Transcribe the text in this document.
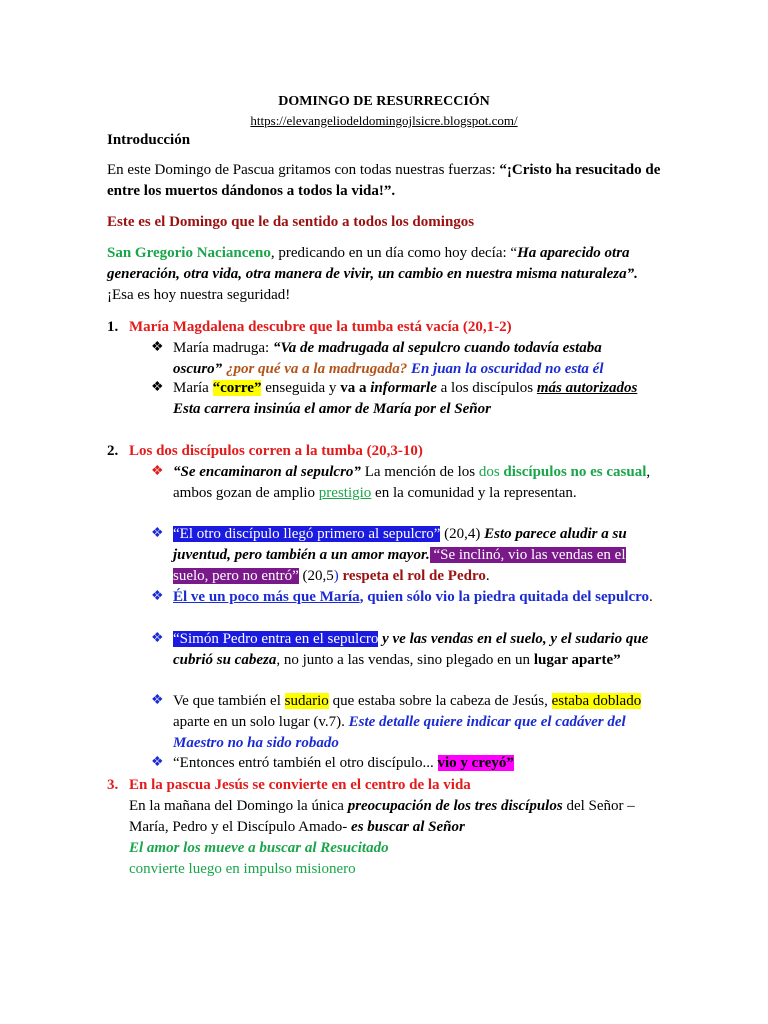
DOMINGO DE RESURRECCIÓN
https://elevangeliodeldomingojlsicre.blogspot.com/
Introducción
En este Domingo de Pascua gritamos con todas nuestras fuerzas: “¡Cristo ha resucitado de entre los muertos dándonos a todos la vida!”.
Este es el Domingo que le da sentido a todos los domingos
San Gregorio Nacianceno, predicando en un día como hoy decía: “Ha aparecido otra generación, otra vida, otra manera de vivir, un cambio en nuestra misma naturaleza”. ¡Esa es hoy nuestra seguridad!
1. María Magdalena descubre que la tumba está vacía (20,1-2)
❖ María madruga: “Va de madrugada al sepulcro cuando todavía estaba oscuro” ¿por qué va a la madrugada? En juan la oscuridad no esta él
❖ María “corre” enseguida y va a informarle a los discípulos más autorizados
Esta carrera insinúa el amor de María por el Señor
2. Los dos discípulos corren a la tumba (20,3-10)
❖ “Se encaminaron al sepulcro” La mención de los dos discípulos no es casual, ambos gozan de amplio prestigio en la comunidad y la representan.
❖ “El otro discípulo llegó primero al sepulcro” (20,4) Esto parece aludir a su juventud, pero también a un amor mayor. “Se inclinó, vio las vendas en el suelo, pero no entró” (20,5) respeta el rol de Pedro.
❖ Él ve un poco más que María, quien sólo vio la piedra quitada del sepulcro.
❖ “Simón Pedro entra en el sepulcro y ve las vendas en el suelo, y el sudario que cubrió su cabeza, no junto a las vendas, sino plegado en un lugar aparte”
❖ Ve que también el sudario que estaba sobre la cabeza de Jesús, estaba doblado aparte en un solo lugar (v.7). Este detalle quiere indicar que el cadáver del Maestro no ha sido robado
❖ “Entonces entró también el otro discípulo... vio y creyó”
3. En la pascua Jesús se convierte en el centro de la vida
En la mañana del Domingo la única preocupación de los tres discípulos del Señor –María, Pedro y el Discípulo Amado- es buscar al Señor
El amor los mueve a buscar al Resucitado
convierte luego en impulso misionero
